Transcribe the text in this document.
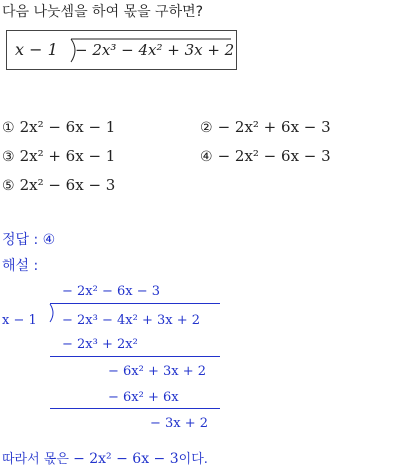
다음 나눗셈을 하여 몫을 구하면?
x − 1 − 2x³ − 4x² + 3x + 2
① 2x² − 6x − 1	② − 2x² + 6x − 3
③ 2x² + 6x − 1	④ − 2x² − 6x − 3
⑤ 2x² − 6x − 3
정답 : ④
해설 :
− 2x² − 6x − 3
x − 1 − 2x³ − 4x² + 3x + 2
− 2x³ + 2x²
− 6x² + 3x + 2
− 6x² + 6x
− 3x + 2
따라서 몫은 − 2x² − 6x − 3이다.
